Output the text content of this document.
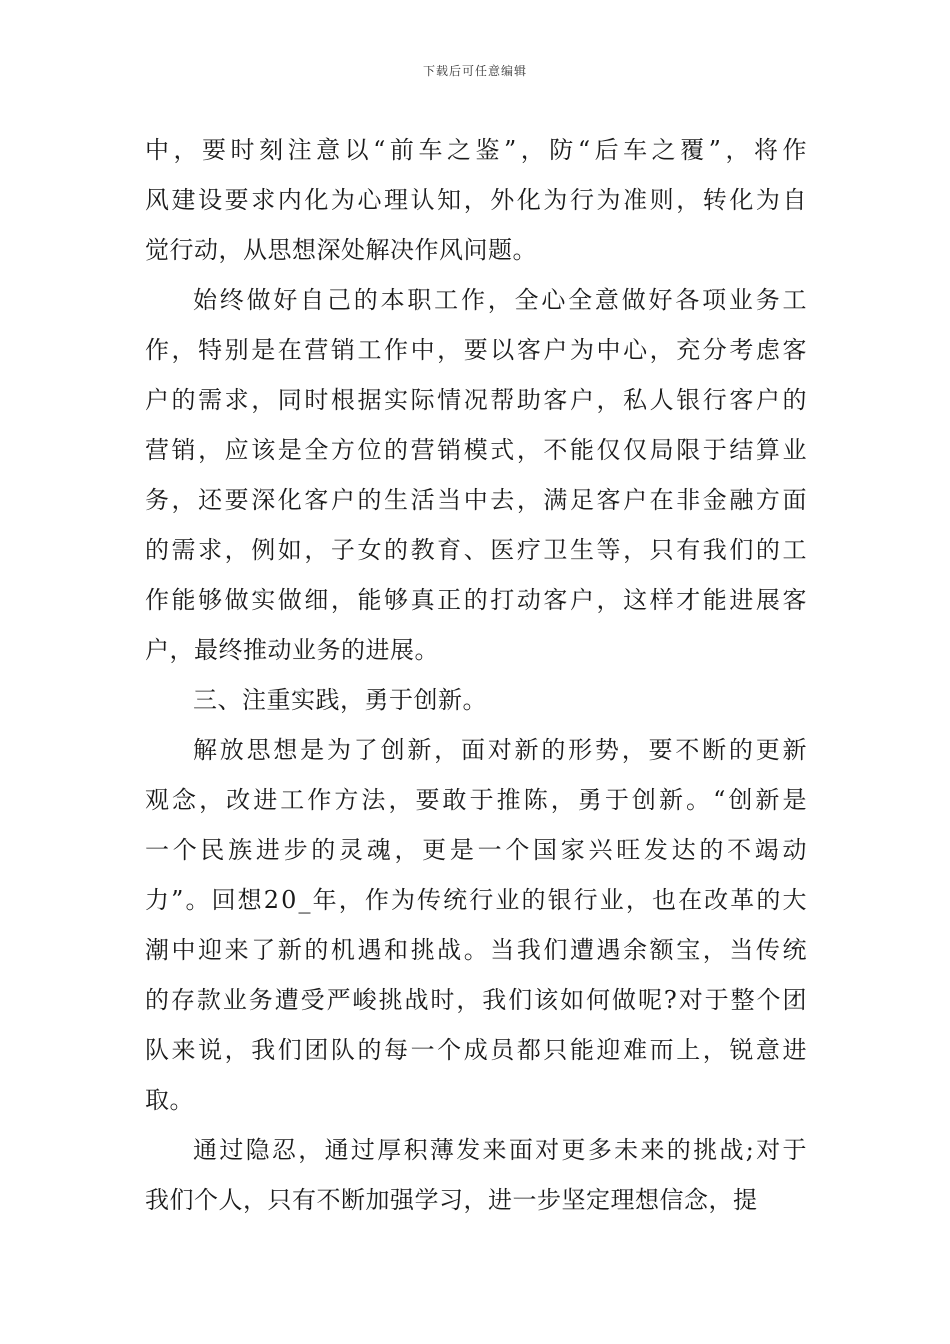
下载后可任意编辑
中，要时刻注意以“前车之鉴”，防“后车之覆”，将作
风建设要求内化为心理认知，外化为行为准则，转化为自
觉行动，从思想深处解决作风问题。
始终做好自己的本职工作，全心全意做好各项业务工
作，特别是在营销工作中，要以客户为中心，充分考虑客
户的需求，同时根据实际情况帮助客户，私人银行客户的
营销，应该是全方位的营销模式，不能仅仅局限于结算业
务，还要深化客户的生活当中去，满足客户在非金融方面
的需求，例如，子女的教育、医疗卫生等，只有我们的工
作能够做实做细，能够真正的打动客户，这样才能进展客
户，最终推动业务的进展。
三、注重实践，勇于创新。
解放思想是为了创新，面对新的形势，要不断的更新
观念，改进工作方法，要敢于推陈，勇于创新。“创新是
一个民族进步的灵魂，更是一个国家兴旺发达的不竭动
力”。回想20_年，作为传统行业的银行业，也在改革的大
潮中迎来了新的机遇和挑战。当我们遭遇余额宝，当传统
的存款业务遭受严峻挑战时，我们该如何做呢?对于整个团
队来说，我们团队的每一个成员都只能迎难而上，锐意进
取。
通过隐忍，通过厚积薄发来面对更多未来的挑战;对于
我们个人，只有不断加强学习，进一步坚定理想信念，提
